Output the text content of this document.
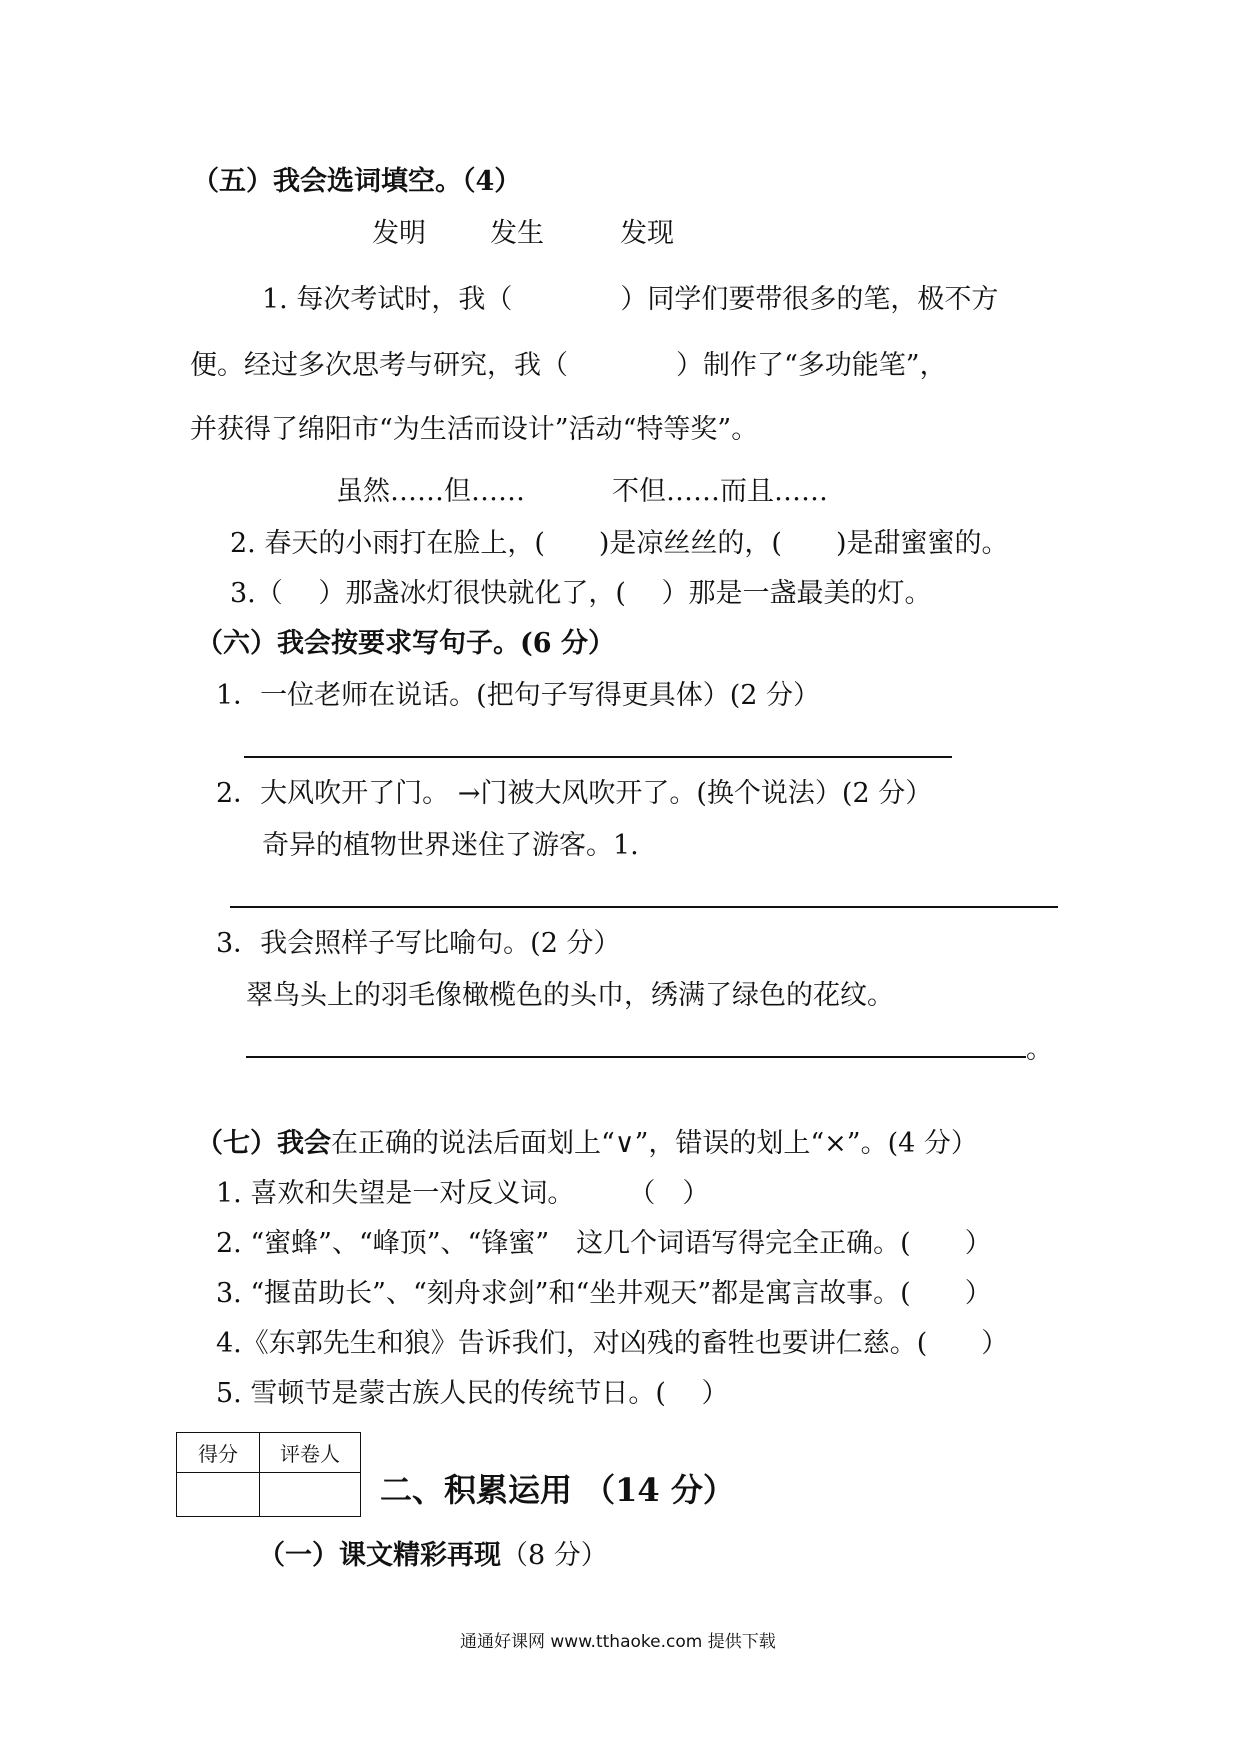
（五）我会选词填空。（4）
发明 发生	发现
1. 每次考试时，我（　　　　）同学们要带很多的笔，极不方
便。经过多次思考与研究，我（　　　　）制作了“多功能笔”，
并获得了绵阳市“为生活而设计”活动“特等奖”。
虽然……但……	不但……而且……
2. 春天的小雨打在脸上，(　　)是凉丝丝的，(　　)是甜蜜蜜的。
3.（　 ）那盏冰灯很快就化了，(　 ）那是一盏最美的灯。
（六）我会按要求写句子。(6 分）
1．一位老师在说话。(把句子写得更具体）(2 分）
2．大风吹开了门。 →门被大风吹开了。(换个说法）(2 分）
奇异的植物世界迷住了游客。1.
3．我会照样子写比喻句。(2 分）
翠鸟头上的羽毛像橄榄色的头巾，绣满了绿色的花纹。
。
（七）我会在正确的说法后面划上“∨”，错误的划上“×”。(4 分）
1. 喜欢和失望是一对反义词。　　　（　）
2. “蜜蜂”、“峰顶”、“锋蜜”　这几个词语写得完全正确。(　　）
3. “揠苗助长”、“刻舟求剑”和“坐井观天”都是寓言故事。(　　）
4.《东郭先生和狼》告诉我们，对凶残的畜牲也要讲仁慈。(　　）
5. 雪顿节是蒙古族人民的传统节日。(　 ）
得分	评卷人

二、积累运用 （14 分）
（一）课文精彩再现（8 分）
通通好课网 www.tthaoke.com 提供下载
